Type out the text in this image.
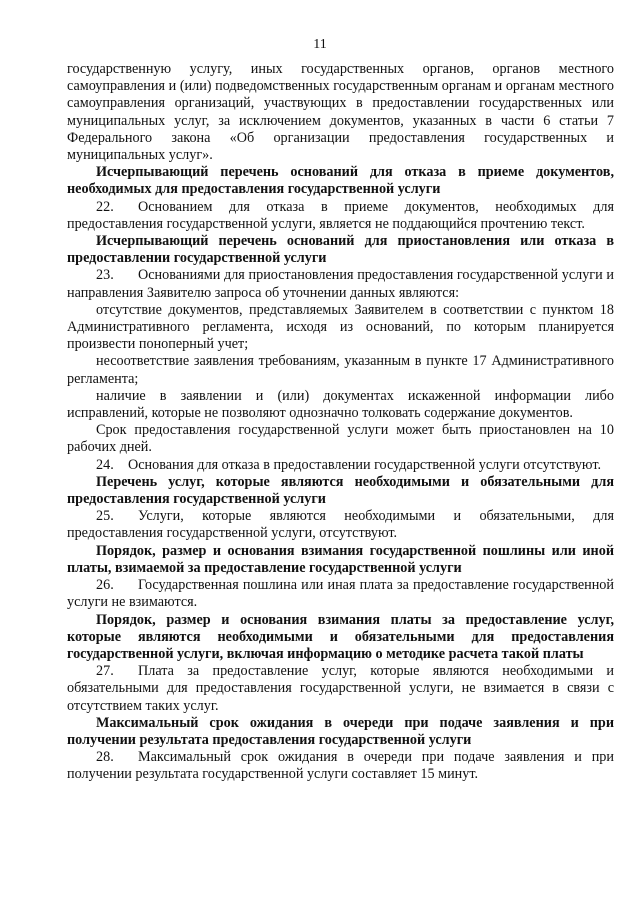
11

государственную услугу, иных государственных органов, органов местного самоуправления и (или) подведомственных государственным органам и органам местного самоуправления организаций, участвующих в предоставлении государственных или муниципальных услуг, за исключением документов, указанных в части 6 статьи 7 Федерального закона «Об организации предоставления государственных и муниципальных услуг».

Исчерпывающий перечень оснований для отказа в приеме документов, необходимых для предоставления государственной услуги

22. Основанием для отказа в приеме документов, необходимых для предоставления государственной услуги, является не поддающийся прочтению текст.

Исчерпывающий перечень оснований для приостановления или отказа в предоставлении государственной услуги

23. Основаниями для приостановления предоставления государственной услуги и направления Заявителю запроса об уточнении данных являются:

отсутствие документов, представляемых Заявителем в соответствии с пунктом 18 Административного регламента, исходя из оснований, по которым планируется произвести поноперный учет;

несоответствие заявления требованиям, указанным в пункте 17 Административного регламента;

наличие в заявлении и (или) документах искаженной информации либо исправлений, которые не позволяют однозначно толковать содержание документов.

Срок предоставления государственной услуги может быть приостановлен на 10 рабочих дней.

24. Основания для отказа в предоставлении государственной услуги отсутствуют.

Перечень услуг, которые являются необходимыми и обязательными для предоставления государственной услуги

25. Услуги, которые являются необходимыми и обязательными, для предоставления государственной услуги, отсутствуют.

Порядок, размер и основания взимания государственной пошлины или иной платы, взимаемой за предоставление государственной услуги

26. Государственная пошлина или иная плата за предоставление государственной услуги не взимаются.

Порядок, размер и основания взимания платы за предоставление услуг, которые являются необходимыми и обязательными для предоставления государственной услуги, включая информацию о методике расчета такой платы

27. Плата за предоставление услуг, которые являются необходимыми и обязательными для предоставления государственной услуги, не взимается в связи с отсутствием таких услуг.

Максимальный срок ожидания в очереди при подаче заявления и при получении результата предоставления государственной услуги

28. Максимальный срок ожидания в очереди при подаче заявления и при получении результата государственной услуги составляет 15 минут.
